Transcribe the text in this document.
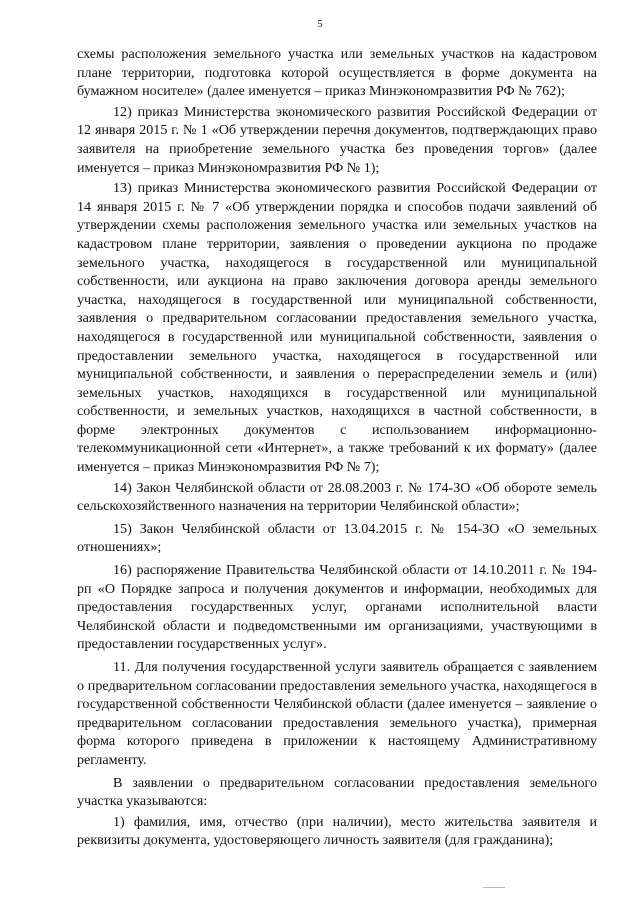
5

схемы расположения земельного участка или земельных участков на кадастровом плане территории, подготовка которой осуществляется в форме документа на бумажном носителе» (далее именуется – приказ Минэкономразвития РФ № 762);

12) приказ Министерства экономического развития Российской Федерации от 12 января 2015 г. № 1 «Об утверждении перечня документов, подтверждающих право заявителя на приобретение земельного участка без проведения торгов» (далее именуется – приказ Минэкономразвития РФ № 1);

13) приказ Министерства экономического развития Российской Федерации от 14 января 2015 г. № 7 «Об утверждении порядка и способов подачи заявлений об утверждении схемы расположения земельного участка или земельных участков на кадастровом плане территории, заявления о проведении аукциона по продаже земельного участка, находящегося в государственной или муниципальной собственности, или аукциона на право заключения договора аренды земельного участка, находящегося в государственной или муниципальной собственности, заявления о предварительном согласовании предоставления земельного участка, находящегося в государственной или муниципальной собственности, заявления о предоставлении земельного участка, находящегося в государственной или муниципальной собственности, и заявления о перераспределении земель и (или) земельных участков, находящихся в государственной или муниципальной собственности, и земельных участков, находящихся в частной собственности, в форме электронных документов с использованием информационно-телекоммуникационной сети «Интернет», а также требований к их формату» (далее именуется – приказ Минэкономразвития РФ № 7);

14) Закон Челябинской области от 28.08.2003 г. № 174-ЗО «Об обороте земель сельскохозяйственного назначения на территории Челябинской области»;

15) Закон Челябинской области от 13.04.2015 г. № 154-ЗО «О земельных отношениях»;

16) распоряжение Правительства Челябинской области от 14.10.2011 г. № 194-рп «О Порядке запроса и получения документов и информации, необходимых для предоставления государственных услуг, органами исполнительной власти Челябинской области и подведомственными им организациями, участвующими в предоставлении государственных услуг».

11. Для получения государственной услуги заявитель обращается с заявлением о предварительном согласовании предоставления земельного участка, находящегося в государственной собственности Челябинской области (далее именуется – заявление о предварительном согласовании предоставления земельного участка), примерная форма которого приведена в приложении к настоящему Административному регламенту.

В заявлении о предварительном согласовании предоставления земельного участка указываются:

1) фамилия, имя, отчество (при наличии), место жительства заявителя и реквизиты документа, удостоверяющего личность заявителя (для гражданина);
